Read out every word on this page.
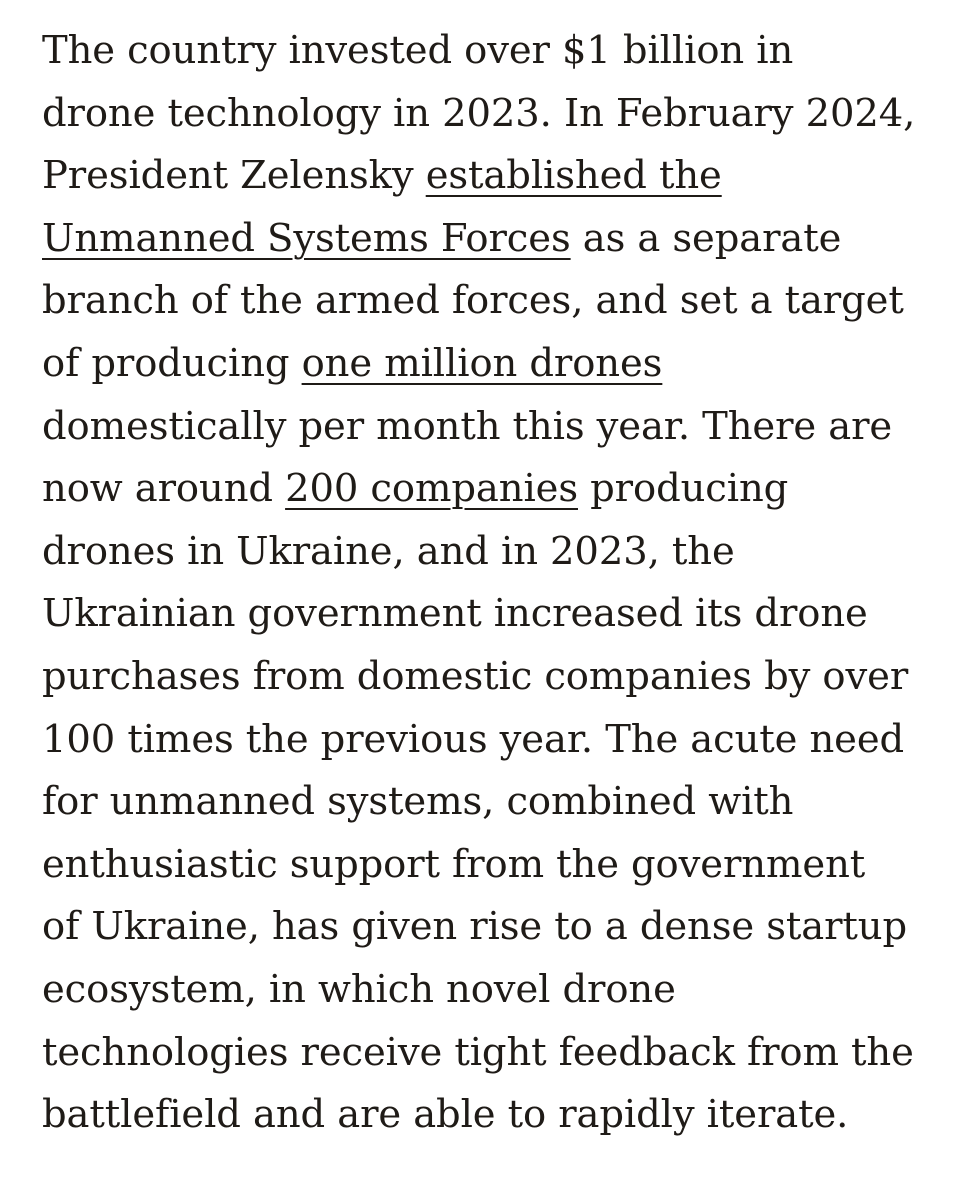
The country invested over $1 billion in
drone technology in 2023. In February 2024,
President Zelensky established the
Unmanned Systems Forces as a separate
branch of the armed forces, and set a target
of producing one million drones
domestically per month this year. There are
now around 200 companies producing
drones in Ukraine, and in 2023, the
Ukrainian government increased its drone
purchases from domestic companies by over
100 times the previous year. The acute need
for unmanned systems, combined with
enthusiastic support from the government
of Ukraine, has given rise to a dense startup
ecosystem, in which novel drone
technologies receive tight feedback from the
battlefield and are able to rapidly iterate.
